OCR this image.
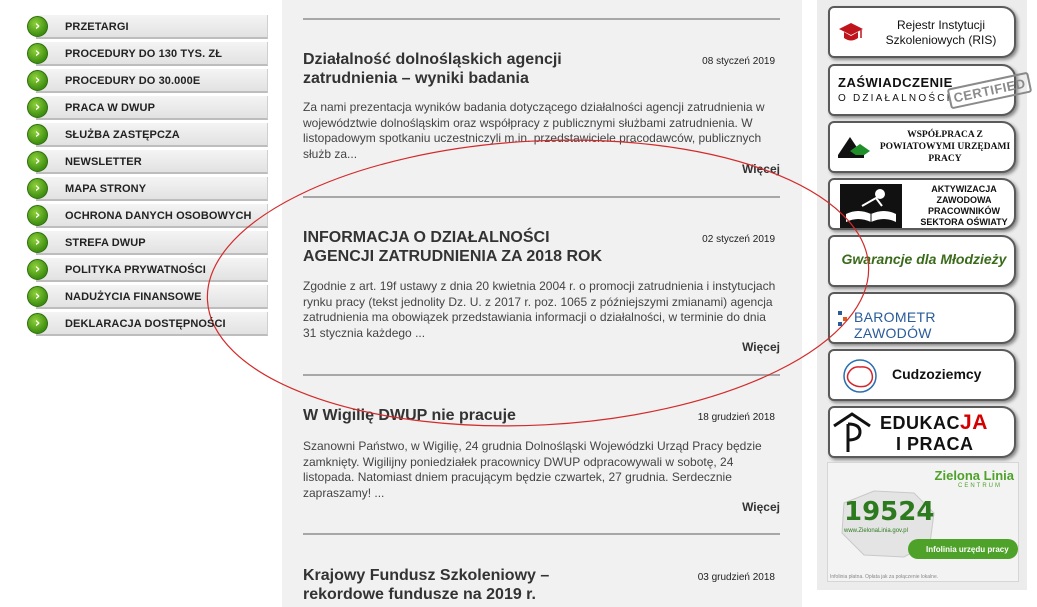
›	PRZETARGI
›	PROCEDURY DO 130 TYS. ZŁ
›	PROCEDURY DO 30.000E
›	PRACA W DWUP
›	SŁUŻBA ZASTĘPCZA
›	NEWSLETTER
›	MAPA STRONY
›	OCHRONA DANYCH OSOBOWYCH
›	STREFA DWUP
›	POLITYKA PRYWATNOŚCI
›	NADUŻYCIA FINANSOWE
›	DEKLARACJA DOSTĘPNOŚCI
Działalność dolnośląskich agencji zatrudnienia – wyniki badania
08 styczeń 2019

Za nami prezentacja wyników badania dotyczącego działalności agencji zatrudnienia w województwie dolnośląskim oraz współpracy z publicznymi służbami zatrudnienia. W listopadowym spotkaniu uczestniczyli m.in. przedstawiciele pracodawców, publicznych służb za...

Więcej
INFORMACJA O DZIAŁALNOŚCI AGENCJI ZATRUDNIENIA ZA 2018 ROK
02 styczeń 2019

Zgodnie z art. 19f ustawy z dnia 20 kwietnia 2004 r. o promocji zatrudnienia i instytucjach rynku pracy (tekst jednolity Dz. U. z 2017 r. poz. 1065 z późniejszymi zmianami) agencja zatrudnienia ma obowiązek przedstawiania informacji o działalności, w terminie do dnia 31 stycznia każdego ...

Więcej
W Wigilię DWUP nie pracuje	18 grudzień 2018

Szanowni Państwo, w Wigilię, 24 grudnia Dolnośląski Wojewódzki Urząd Pracy będzie zamknięty. Wigilijny poniedziałek pracownicy DWUP odpracowywali w sobotę, 24 listopada. Natomiast dniem pracującym będzie czwartek, 27 grudnia. Serdecznie zapraszamy! ...

Więcej
Krajowy Fundusz Szkoleniowy – rekordowe fundusze na 2019 r.
03 grudzień 2018
Rejestr Instytucji
Szkoleniowych (RIS)
ZAŚWIADCZENIE
O DZIAŁALNOŚCI CERTIFIED
WSPÓŁPRACA Z
POWIATOWYMI URZĘDAMI
PRACY
AKTYWIZACJA
ZAWODOWA
PRACOWNIKÓW
SEKTORA OŚWIATY
Gwarancje dla Młodzieży
BAROMETR ZAWODÓW
Cudzoziemcy
EDUKACJA
I PRACA
Zielona Linia
CENTRUM
19524
www.ZielonaLinia.gov.pl
Infolinia urzędu pracy
Infolinia płatna. Opłata jak za połączenie lokalne.
